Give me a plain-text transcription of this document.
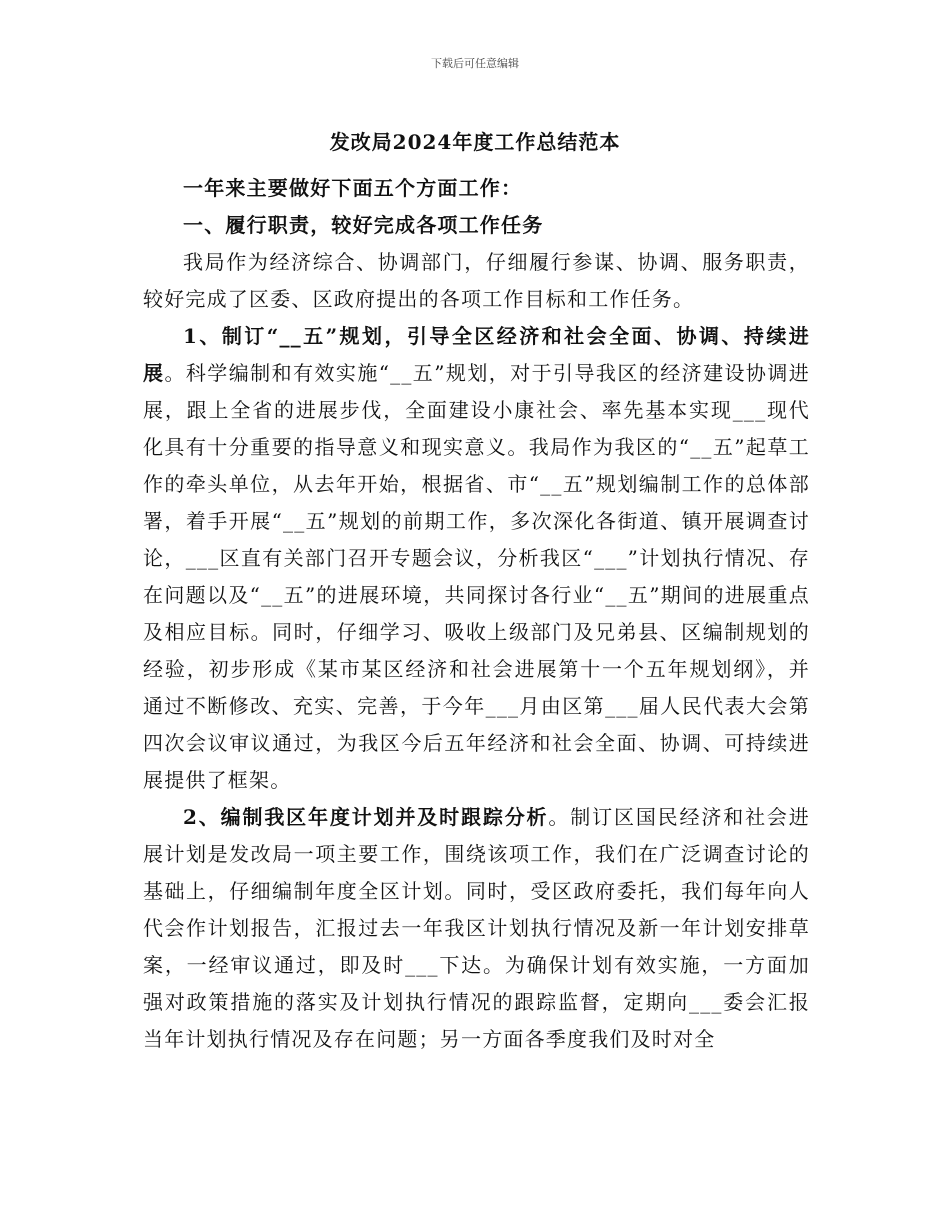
下载后可任意编辑
发改局2024年度工作总结范本

一年来主要做好下面五个方面工作：

一、履行职责，较好完成各项工作任务

我局作为经济综合、协调部门，仔细履行参谋、协调、服务职责，较好完成了区委、区政府提出的各项工作目标和工作任务。

1、制订“__五”规划，引导全区经济和社会全面、协调、持续进展。科学编制和有效实施“__五”规划，对于引导我区的经济建设协调进展，跟上全省的进展步伐，全面建设小康社会、率先基本实现___现代化具有十分重要的指导意义和现实意义。我局作为我区的“__五”起草工作的牵头单位，从去年开始，根据省、市“__五”规划编制工作的总体部署，着手开展“__五”规划的前期工作，多次深化各街道、镇开展调查讨论，___区直有关部门召开专题会议，分析我区“___”计划执行情况、存在问题以及“__五”的进展环境，共同探讨各行业“__五”期间的进展重点及相应目标。同时，仔细学习、吸收上级部门及兄弟县、区编制规划的经验，初步形成《某市某区经济和社会进展第十一个五年规划纲》，并通过不断修改、充实、完善，于今年___月由区第___届人民代表大会第四次会议审议通过，为我区今后五年经济和社会全面、协调、可持续进展提供了框架。

2、编制我区年度计划并及时跟踪分析。制订区国民经济和社会进展计划是发改局一项主要工作，围绕该项工作，我们在广泛调查讨论的基础上，仔细编制年度全区计划。同时，受区政府委托，我们每年向人代会作计划报告，汇报过去一年我区计划执行情况及新一年计划安排草案，一经审议通过，即及时___下达。为确保计划有效实施，一方面加强对政策措施的落实及计划执行情况的跟踪监督，定期向___委会汇报当年计划执行情况及存在问题；另一方面各季度我们及时对全
